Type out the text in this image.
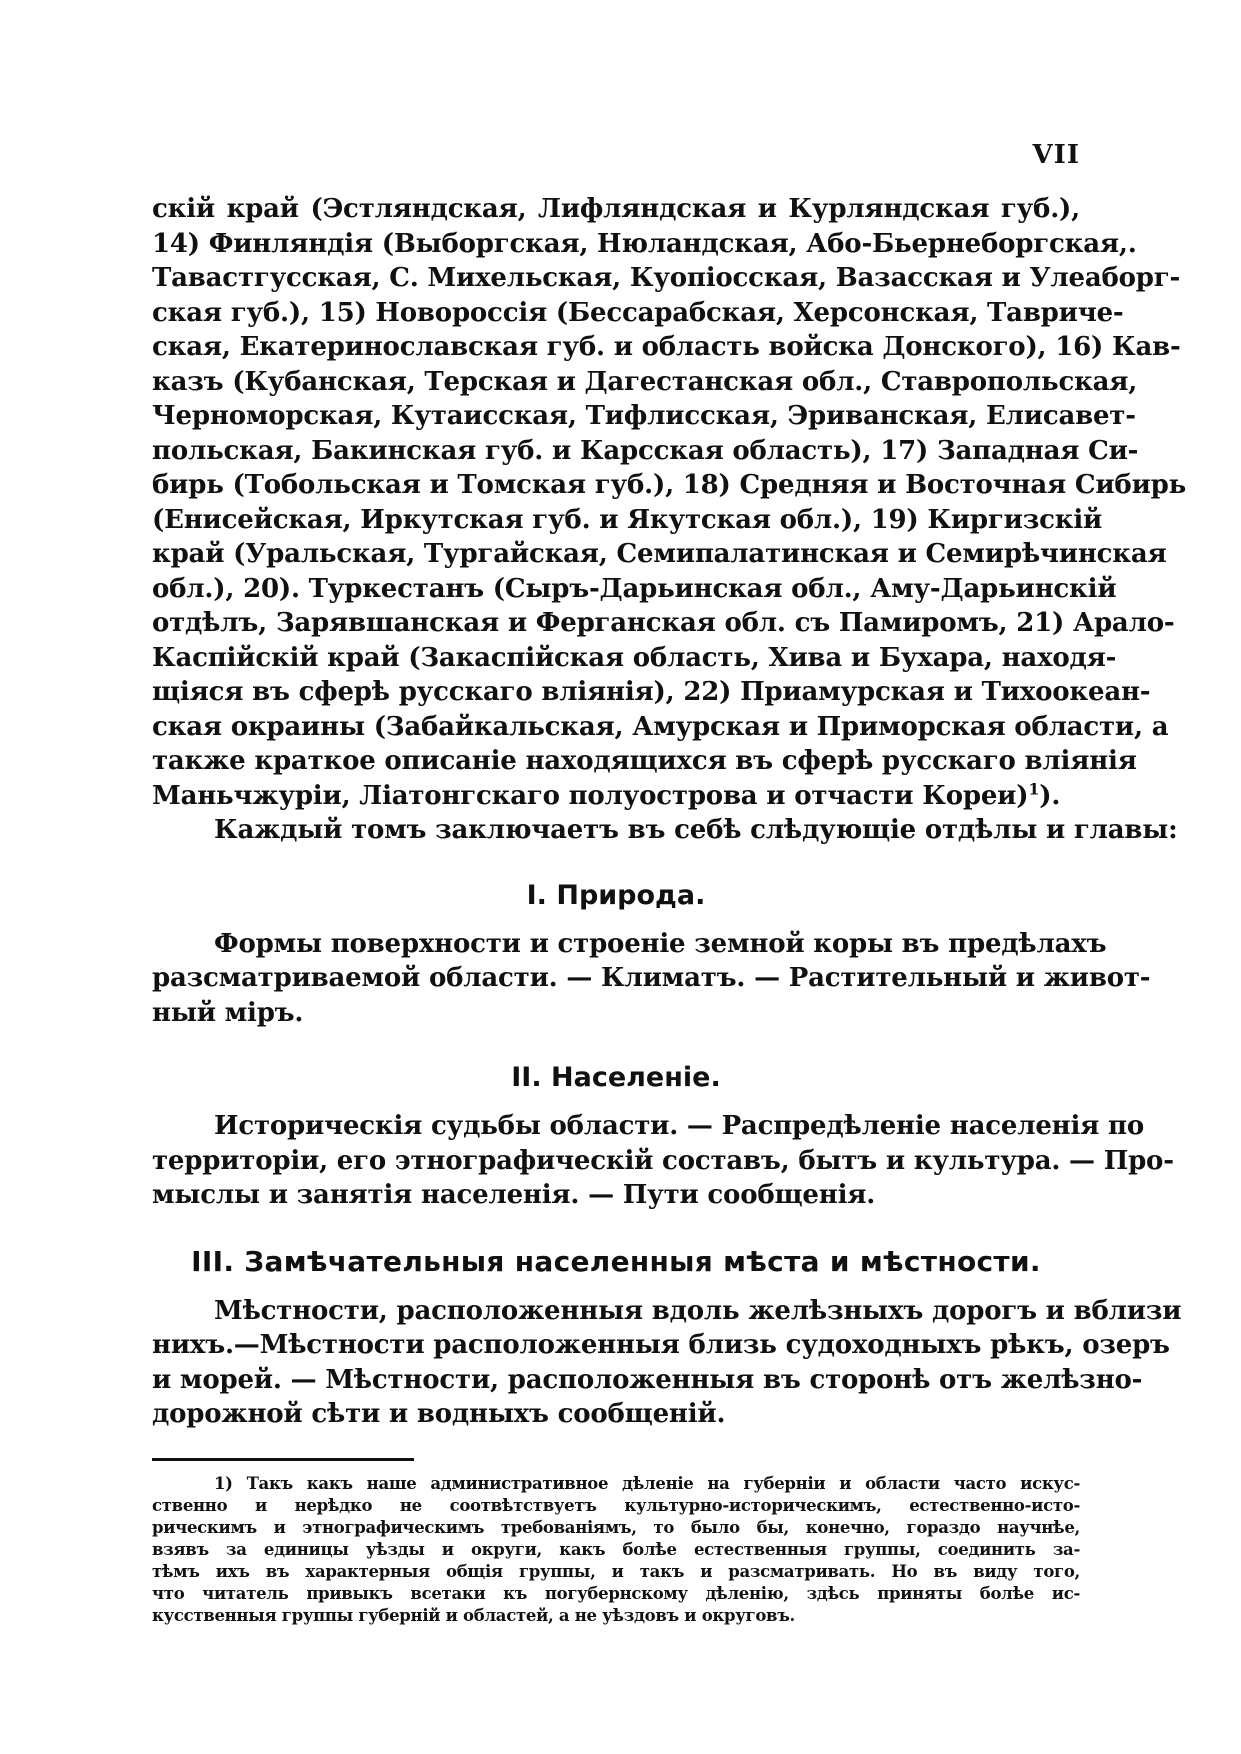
VII
скій край (Эстляндская, Лифляндская и Курляндская губ.),
14) Финляндія (Выборгская, Нюландская, Або-Бьернеборгская,.
Тавастгусская, С. Михельская, Куопіосская, Вазасская и Улеаборг-
ская губ.), 15) Новороссія (Бессарабская, Херсонская, Тавриче-
ская, Екатеринославская губ. и область войска Донского), 16) Кав-
казъ (Кубанская, Терская и Дагестанская обл., Ставропольская,
Черноморская, Кутаисская, Тифлисская, Эриванская, Елисавет-
польская, Бакинская губ. и Карсская область), 17) Западная Си-
бирь (Тобольская и Томская губ.), 18) Средняя и Восточная Сибирь
(Енисейская, Иркутская губ. и Якутская обл.), 19) Киргизскій
край (Уральская, Тургайская, Семипалатинская и Семирѣчинская
обл.), 20). Туркестанъ (Сыръ-Дарьинская обл., Аму-Дарьинскій
отдѣлъ, Зарявшанская и Ферганская обл. съ Памиромъ, 21) Арало-
Каспійскій край (Закаспійская область, Хива и Бухара, находя-
щіяся въ сферѣ русскаго вліянія), 22) Приамурская и Тихоокеан-
ская окраины (Забайкальская, Амурская и Приморская области, а
также краткое описаніе находящихся въ сферѣ русскаго вліянія
Маньчжуріи, Ліатонгскаго полуострова и отчасти Кореи)$^1$).
Каждый томъ заключаетъ въ себѣ слѣдующіе отдѣлы и главы:
I. Природа.
Формы поверхности и строеніе земной коры въ предѣлахъ
разсматриваемой области. — Климатъ. — Растительный и живот-
ный міръ.
II. Населеніе.
Историческія судьбы области. — Распредѣленіе населенія по
территоріи, его этнографическій составъ, бытъ и культура. — Про-
мыслы и занятія населенія. — Пути сообщенія.
III. Замѣчательныя населенныя мѣста и мѣстности.
Мѣстности, расположенныя вдоль желѣзныхъ дорогъ и вблизи
нихъ.—Мѣстности расположенныя близь судоходныхъ рѣкъ, озеръ
и морей. — Мѣстности, расположенныя въ сторонѣ отъ желѣзно-
дорожной сѣти и водныхъ сообщеній.
1) Такъ какъ наше административное дѣленіе на губерніи и области часто искус-
ственно и нерѣдко не соотвѣтствуетъ культурно-историческимъ, естественно-исто-
рическимъ и этнографическимъ требованіямъ, то было бы, конечно, гораздо научнѣе,
взявъ за единицы уѣзды и округи, какъ болѣе естественныя группы, соединить за-
тѣмъ ихъ въ характерныя общія группы, и такъ и разсматривать. Но въ виду того,
что читатель привыкъ всетаки къ погубернскому дѣленію, здѣсь приняты болѣе ис-
кусственныя группы губерній и областей, а не уѣздовъ и округовъ.
